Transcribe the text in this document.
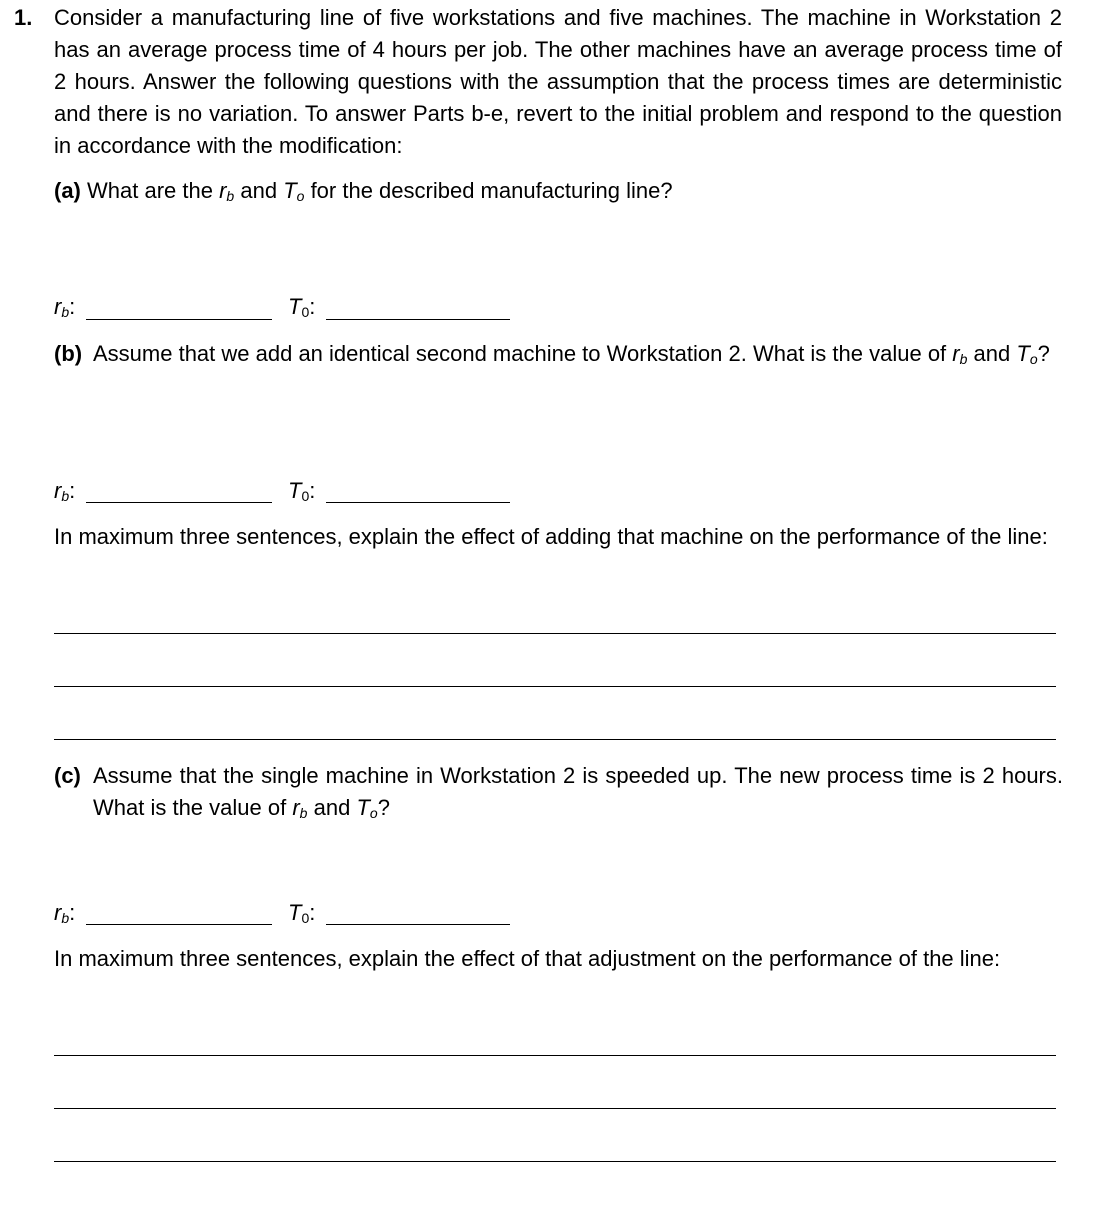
1. Consider a manufacturing line of five workstations and five machines. The machine in Workstation 2 has an average process time of 4 hours per job. The other machines have an average process time of 2 hours. Answer the following questions with the assumption that the process times are deterministic and there is no variation. To answer Parts b-e, revert to the initial problem and respond to the question in accordance with the modification:
(a) What are the rb and To for the described manufacturing line?
rb:	T0:
(b) Assume that we add an identical second machine to Workstation 2. What is the value of rb and To?
rb:	T0:
In maximum three sentences, explain the effect of adding that machine on the performance of the line:
(c) Assume that the single machine in Workstation 2 is speeded up. The new process time is 2 hours. What is the value of rb and To?
rb:	T0:
In maximum three sentences, explain the effect of that adjustment on the performance of the line:
